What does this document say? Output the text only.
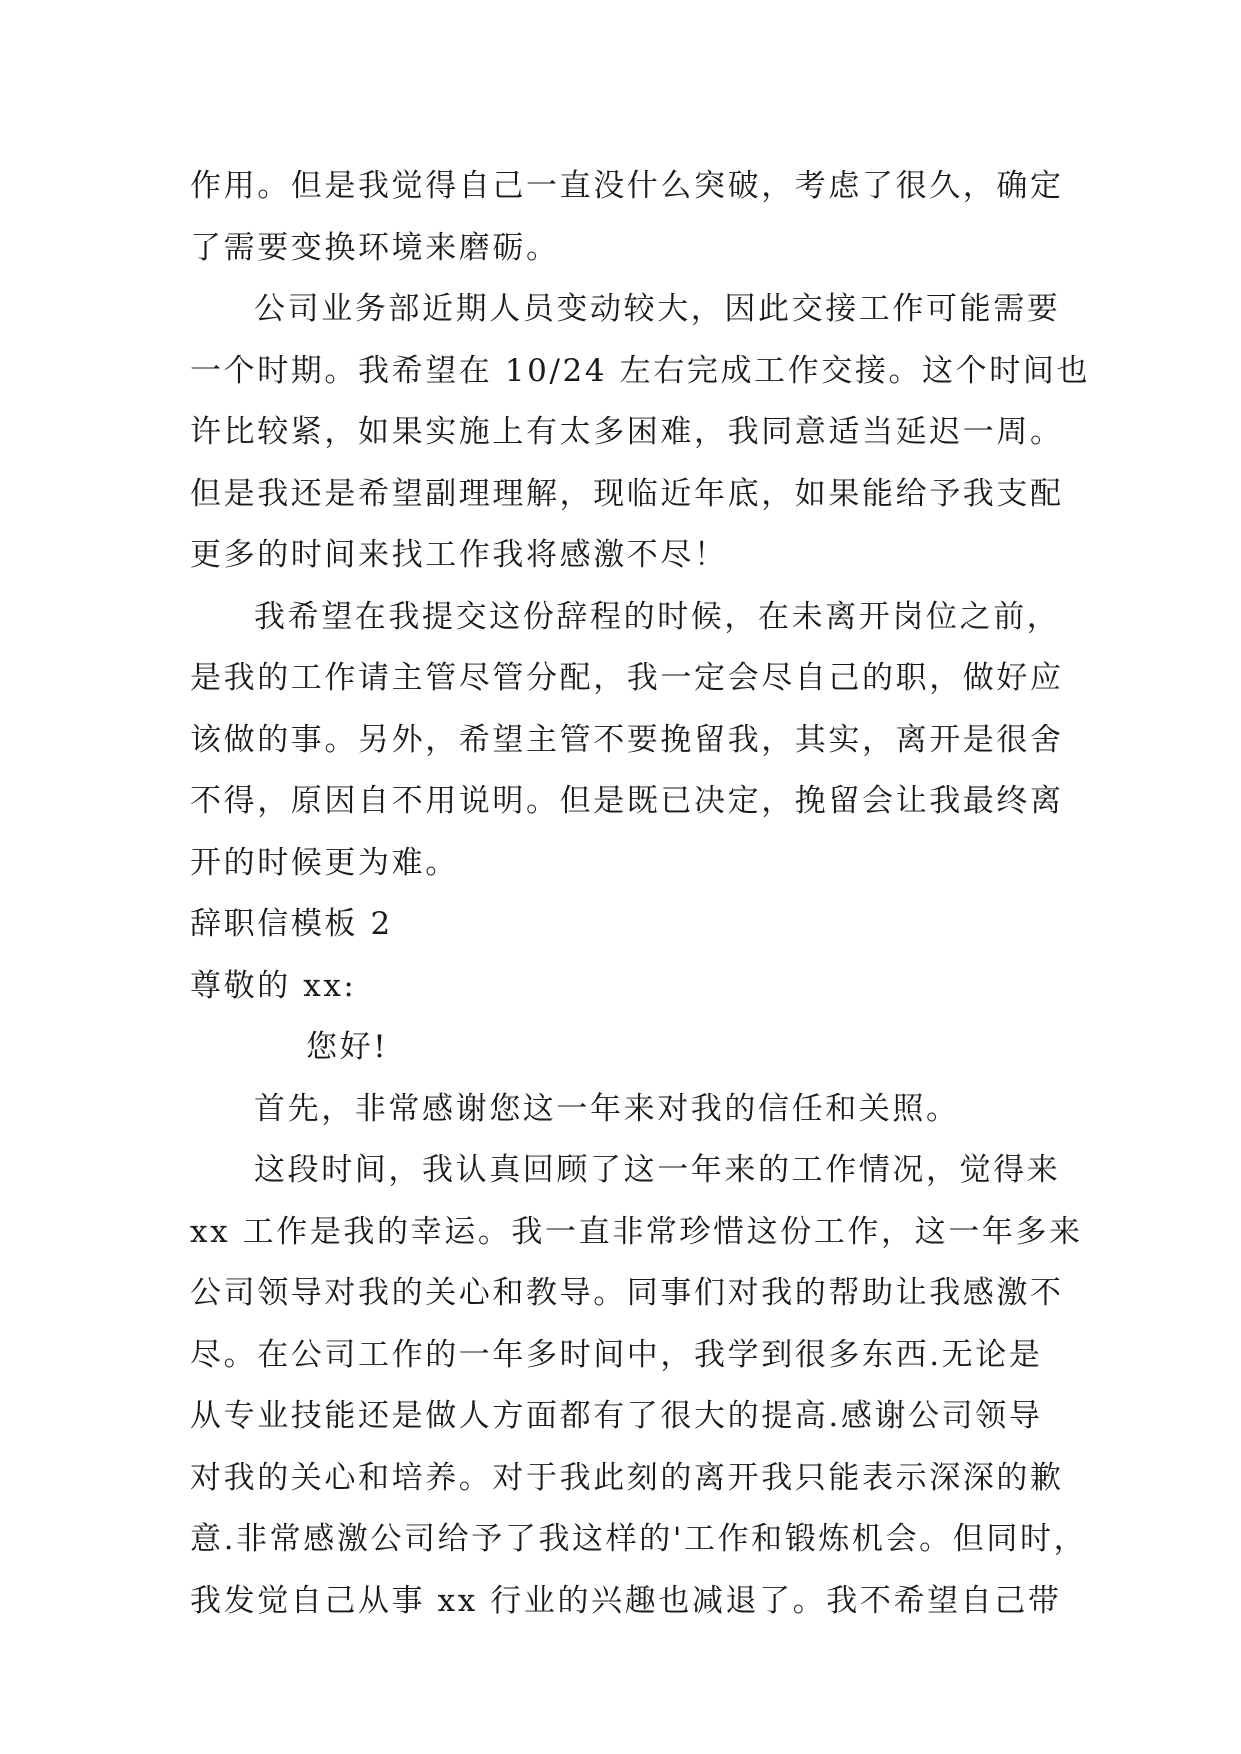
作用。但是我觉得自己一直没什么突破，考虑了很久，确定
了需要变换环境来磨砺。
公司业务部近期人员变动较大，因此交接工作可能需要
一个时期。我希望在 10/24 左右完成工作交接。这个时间也
许比较紧，如果实施上有太多困难，我同意适当延迟一周。
但是我还是希望副理理解，现临近年底，如果能给予我支配
更多的时间来找工作我将感激不尽！
我希望在我提交这份辞程的时候，在未离开岗位之前，
是我的工作请主管尽管分配，我一定会尽自己的职，做好应
该做的事。另外，希望主管不要挽留我，其实，离开是很舍
不得，原因自不用说明。但是既已决定，挽留会让我最终离
开的时候更为难。
辞职信模板 2
尊敬的 xx:
您好!
首先，非常感谢您这一年来对我的信任和关照。
这段时间，我认真回顾了这一年来的工作情况，觉得来
xx 工作是我的幸运。我一直非常珍惜这份工作，这一年多来
公司领导对我的关心和教导。同事们对我的帮助让我感激不
尽。在公司工作的一年多时间中，我学到很多东西.无论是
从专业技能还是做人方面都有了很大的提高.感谢公司领导
对我的关心和培养。对于我此刻的离开我只能表示深深的歉
意.非常感激公司给予了我这样的'工作和锻炼机会。但同时，
我发觉自己从事 xx 行业的兴趣也减退了。我不希望自己带
